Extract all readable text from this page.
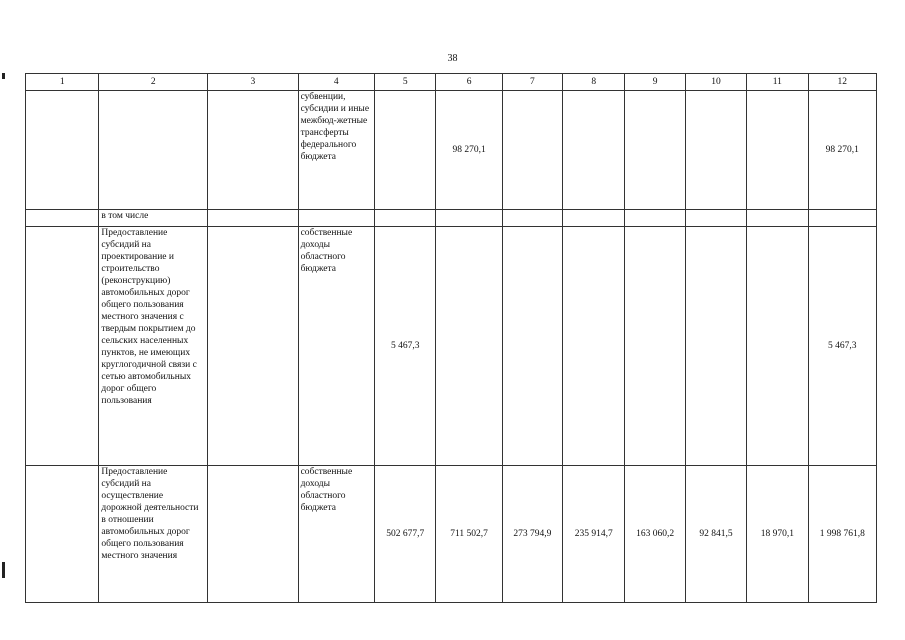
38
1	2	3	4	5	6	7	8	9	10	11	12
			субвенции, субсидии и иные межбюд-жетные трансферты федерального бюджета		98 270,1						98 270,1
	в том числе										
	Предоставление субсидий на проектирование и строительство (реконструкцию) автомобильных дорог общего пользования местного значения с твердым покрытием до сельских населенных пунктов, не имеющих круглогодичной связи с сетью автомобильных дорог общего пользования		собственные доходы областного бюджета	5 467,3							5 467,3
	Предоставление субсидий на осуществление дорожной деятельности в отношении автомобильных дорог общего пользования местного значения		собственные доходы областного бюджета	502 677,7	711 502,7	273 794,9	235 914,7	163 060,2	92 841,5	18 970,1	1 998 761,8
